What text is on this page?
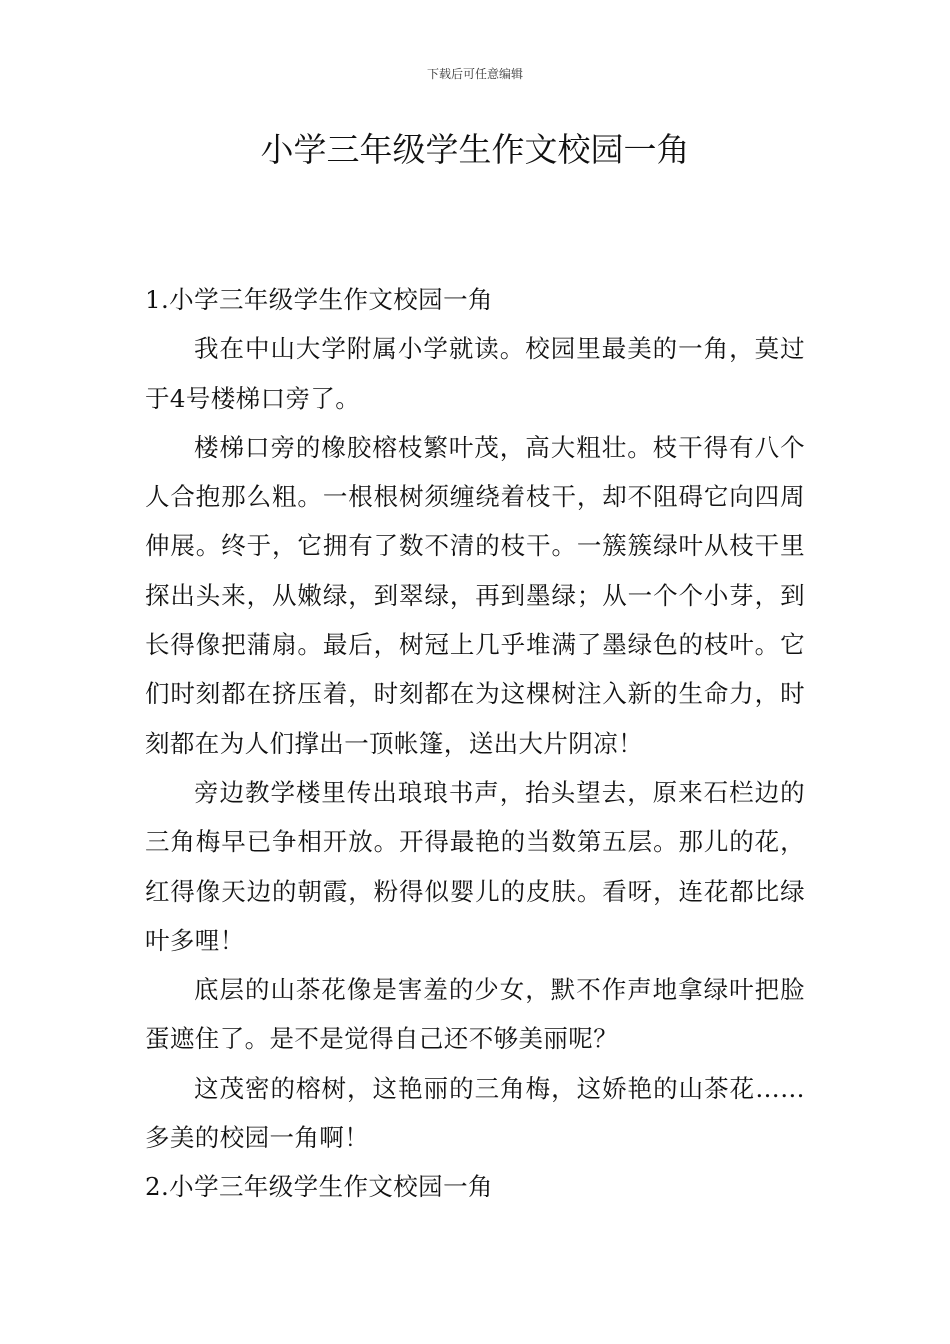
下载后可任意编辑
小学三年级学生作文校园一角

1.小学三年级学生作文校园一角

我在中山大学附属小学就读。校园里最美的一角，莫过于4号楼梯口旁了。

楼梯口旁的橡胶榕枝繁叶茂，高大粗壮。枝干得有八个人合抱那么粗。一根根树须缠绕着枝干，却不阻碍它向四周伸展。终于，它拥有了数不清的枝干。一簇簇绿叶从枝干里探出头来，从嫩绿，到翠绿，再到墨绿；从一个个小芽，到长得像把蒲扇。最后，树冠上几乎堆满了墨绿色的枝叶。它们时刻都在挤压着，时刻都在为这棵树注入新的生命力，时刻都在为人们撑出一顶帐篷，送出大片阴凉！

旁边教学楼里传出琅琅书声，抬头望去，原来石栏边的三角梅早已争相开放。开得最艳的当数第五层。那儿的花，红得像天边的朝霞，粉得似婴儿的皮肤。看呀，连花都比绿叶多哩！

底层的山茶花像是害羞的少女，默不作声地拿绿叶把脸蛋遮住了。是不是觉得自己还不够美丽呢？

这茂密的榕树，这艳丽的三角梅，这娇艳的山茶花……多美的校园一角啊！

2.小学三年级学生作文校园一角
